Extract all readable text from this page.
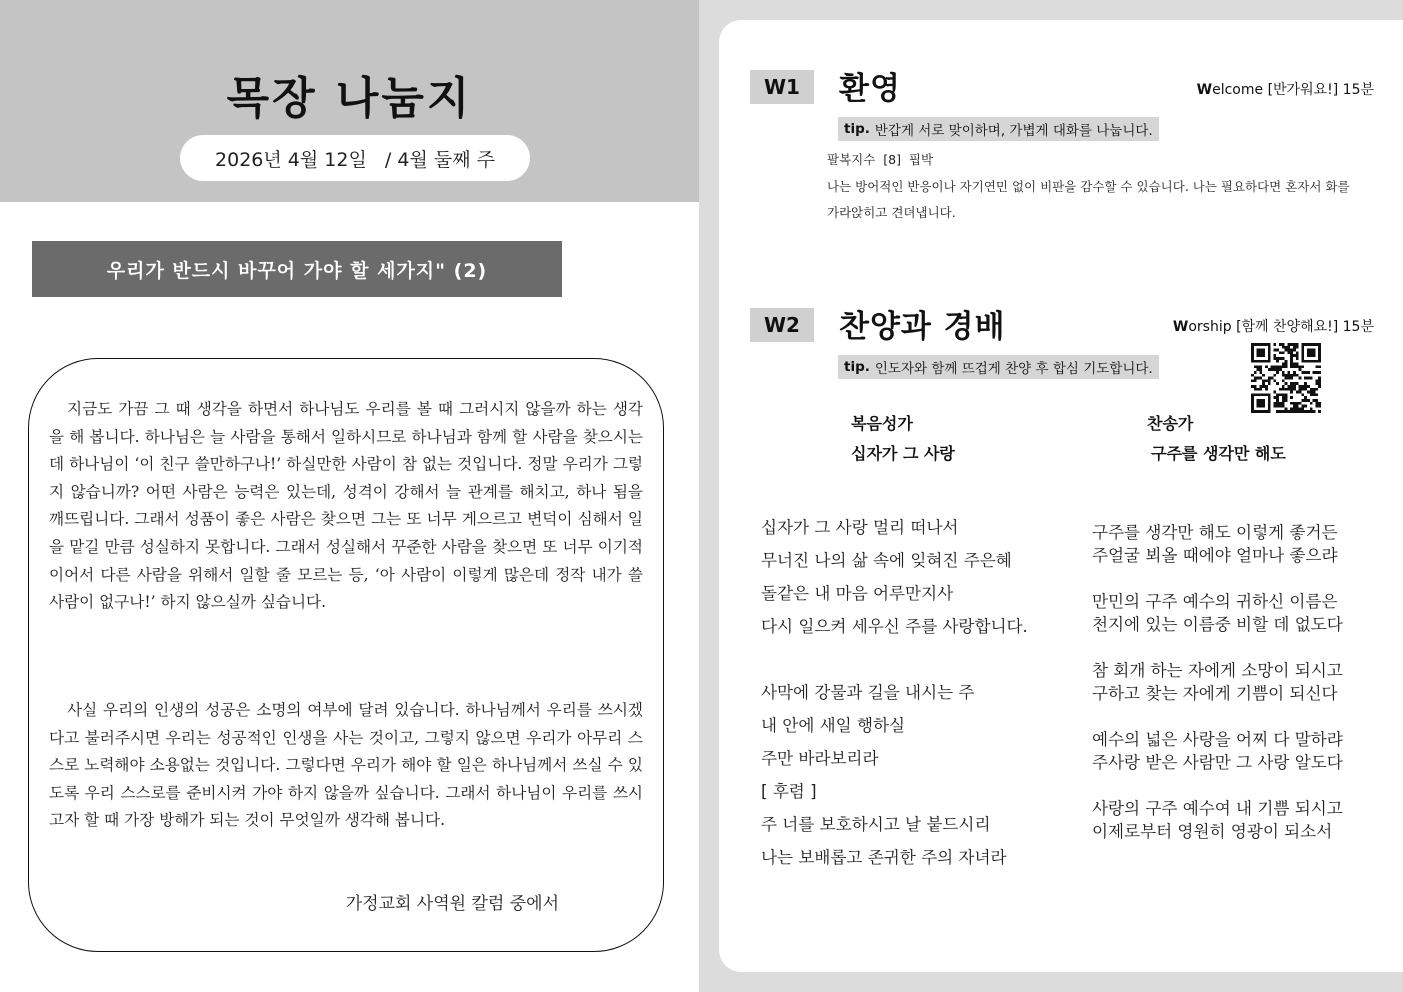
목장 나눔지
2026년 4월 12일   / 4월 둘째 주
우리가 반드시 바꾸어 가야 할 세가지" (2)

지금도 가끔 그 때 생각을 하면서 하나님도 우리를 볼 때 그러시지 않을까 하는 생각을 해 봅니다. 하나님은 늘 사람을 통해서 일하시므로 하나님과 함께 할 사람을 찾으시는데 하나님이 ‘이 친구 쓸만하구나!’ 하실만한 사람이 참 없는 것입니다. 정말 우리가 그렇지 않습니까? 어떤 사람은 능력은 있는데, 성격이 강해서 늘 관계를 해치고, 하나 됨을 깨뜨립니다. 그래서 성품이 좋은 사람은 찾으면 그는 또 너무 게으르고 변덕이 심해서 일을 맡길 만큼 성실하지 못합니다. 그래서 성실해서 꾸준한 사람을 찾으면 또 너무 이기적이어서 다른 사람을 위해서 일할 줄 모르는 등, ‘아 사람이 이렇게 많은데 정작 내가 쓸 사람이 없구나!’ 하지 않으실까 싶습니다.

사실 우리의 인생의 성공은 소명의 여부에 달려 있습니다. 하나님께서 우리를 쓰시겠다고 불러주시면 우리는 성공적인 인생을 사는 것이고, 그렇지 않으면 우리가 아무리 스스로 노력해야 소용없는 것입니다. 그렇다면 우리가 해야 할 일은 하나님께서 쓰실 수 있도록 우리 스스로를 준비시켜 가야 하지 않을까 싶습니다. 그래서 하나님이 우리를 쓰시고자 할 때 가장 방해가 되는 것이 무엇일까 생각해 봅니다.

가정교회 사역원 칼럼 중에서
W1	환영	Welcome [반가워요!] 15분
tip. 반갑게 서로 맞이하며, 가볍게 대화를 나눕니다.
팔복지수  [8]  핍박
나는 방어적인 반응이나 자기연민 없이 비판을 감수할 수 있습니다. 나는 필요하다면 혼자서 화를 가라앉히고 견뎌냅니다.
W2	찬양과 경배	Worship [함께 찬양해요!] 15분
tip. 인도자와 함께 뜨겁게 찬양 후 합심 기도합니다.
복음성가
십자가 그 사랑
찬송가
구주를 생각만 해도
십자가 그 사랑 멀리 떠나서
무너진 나의 삶 속에 잊혀진 주은혜
돌같은 내 마음 어루만지사
다시 일으켜 세우신 주를 사랑합니다.
사막에 강물과 길을 내시는 주
내 안에 새일 행하실
주만 바라보리라
[ 후렴 ]
주 너를 보호하시고 날 붙드시리
나는 보배롭고 존귀한 주의 자녀라
구주를 생각만 해도 이렇게 좋거든
주얼굴 뵈올 때에야 얼마나 좋으랴
만민의 구주 예수의 귀하신 이름은
천지에 있는 이름중 비할 데 없도다
참 회개 하는 자에게 소망이 되시고
구하고 찾는 자에게 기쁨이 되신다
예수의 넓은 사랑을 어찌 다 말하랴
주사랑 받은 사람만 그 사랑 알도다
사랑의 구주 예수여 내 기쁨 되시고
이제로부터 영원히 영광이 되소서
